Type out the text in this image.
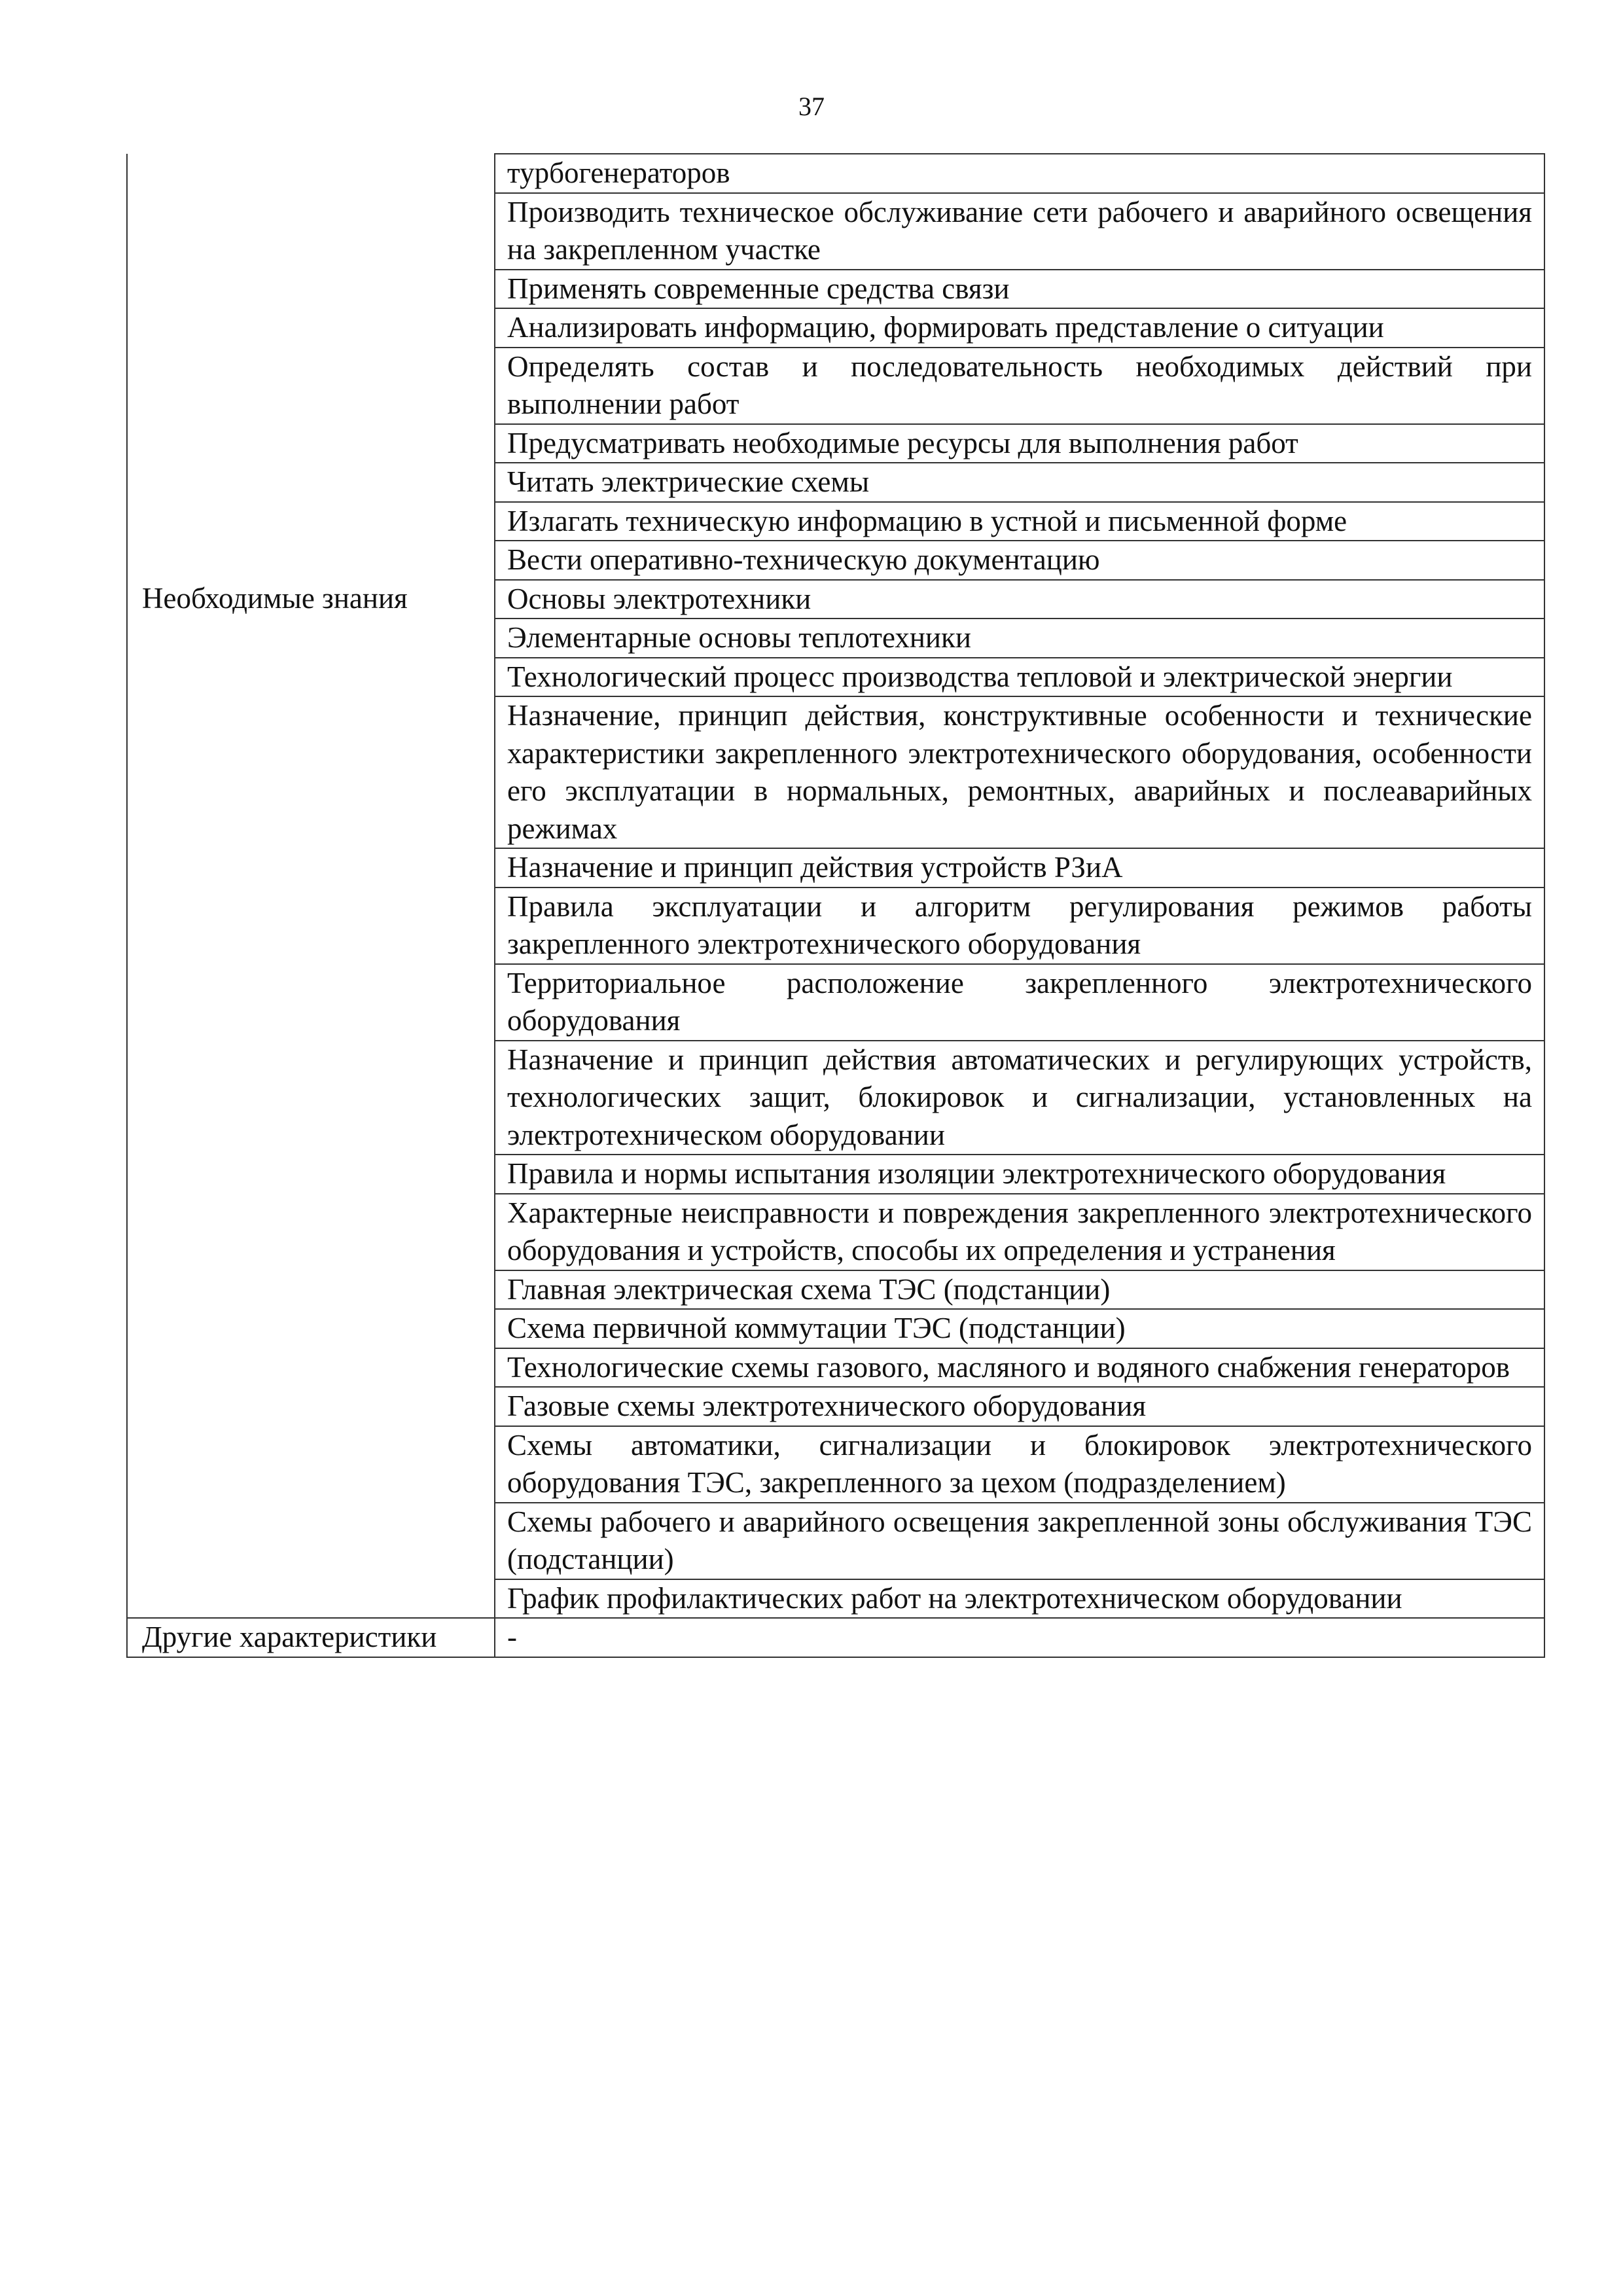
37
	турбогенераторов
	Производить техническое обслуживание сети рабочего и аварийного освещения на закрепленном участке
	Применять современные средства связи
	Анализировать информацию, формировать представление о ситуации
	Определять состав и последовательность необходимых действий при выполнении работ
	Предусматривать необходимые ресурсы для выполнения работ
	Читать электрические схемы
	Излагать техническую информацию в устной и письменной форме
	Вести оперативно-техническую документацию
Необходимые знания	Основы электротехники
	Элементарные основы теплотехники
	Технологический процесс производства тепловой и электрической энергии
	Назначение, принцип действия, конструктивные особенности и технические характеристики закрепленного электротехнического оборудования, особенности его эксплуатации в нормальных, ремонтных, аварийных и послеаварийных режимах
	Назначение и принцип действия устройств РЗиА
	Правила эксплуатации и алгоритм регулирования режимов работы закрепленного электротехнического оборудования
	Территориальное расположение закрепленного электротехнического оборудования
	Назначение и принцип действия автоматических и регулирующих устройств, технологических защит, блокировок и сигнализации, установленных на электротехническом оборудовании
	Правила и нормы испытания изоляции электротехнического оборудования
	Характерные неисправности и повреждения закрепленного электротехнического оборудования и устройств, способы их определения и устранения
	Главная электрическая схема ТЭС (подстанции)
	Схема первичной коммутации ТЭС (подстанции)
	Технологические схемы газового, масляного и водяного снабжения генераторов
	Газовые схемы электротехнического оборудования
	Схемы автоматики, сигнализации и блокировок электротехнического оборудования ТЭС, закрепленного за цехом (подразделением)
	Схемы рабочего и аварийного освещения закрепленной зоны обслуживания ТЭС (подстанции)
	График профилактических работ на электротехническом оборудовании
Другие характеристики	-
